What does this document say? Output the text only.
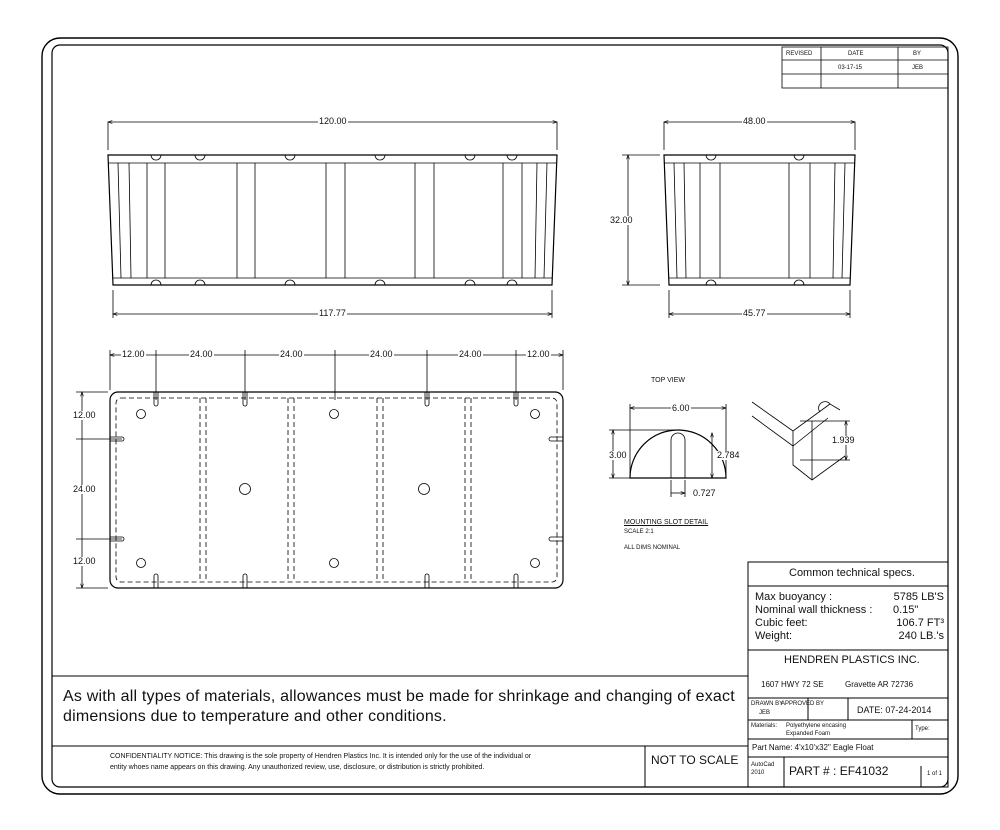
REVISED	DATE	BY
03-17-15	JEB
120.00
117.77
48.00
45.77
32.00
12.00	24.00	24.00	24.00	24.00	12.00
12.00
24.00
12.00
TOP VIEW
6.00
3.00	2.784
0.727
1.939
MOUNTING SLOT DETAIL
SCALE 2:1
ALL DIMS NOMINAL
Common technical specs.
Max buoyancy :	5785 LB'S
Nominal wall thickness : 0.15"
Cubic feet:	106.7 FT³
Weight:	240 LB.'s
HENDREN PLASTICS INC.
1607 HWY 72 SE	Gravette AR 72736
DRAWN BY
APPROVED BY
JEB	DATE: 07-24-2014
Materials: Polyethylene encasing
Expanded Foam
Type:
Part Name: 4'x10'x32" Eagle Float
AutoCad
2010 PART # : EF41032	1 of 1
As with all types of materials, allowances must be made for shrinkage and changing of exact
dimensions due to temperature and other conditions.
CONFIDENTIALITY NOTICE: This drawing is the sole property of Hendren Plastics Inc. It is intended only for the use of the individual or
entity whoes name appears on this drawing. Any unauthorized review, use, disclosure, or distribution is strictly prohibited.
NOT TO SCALE
